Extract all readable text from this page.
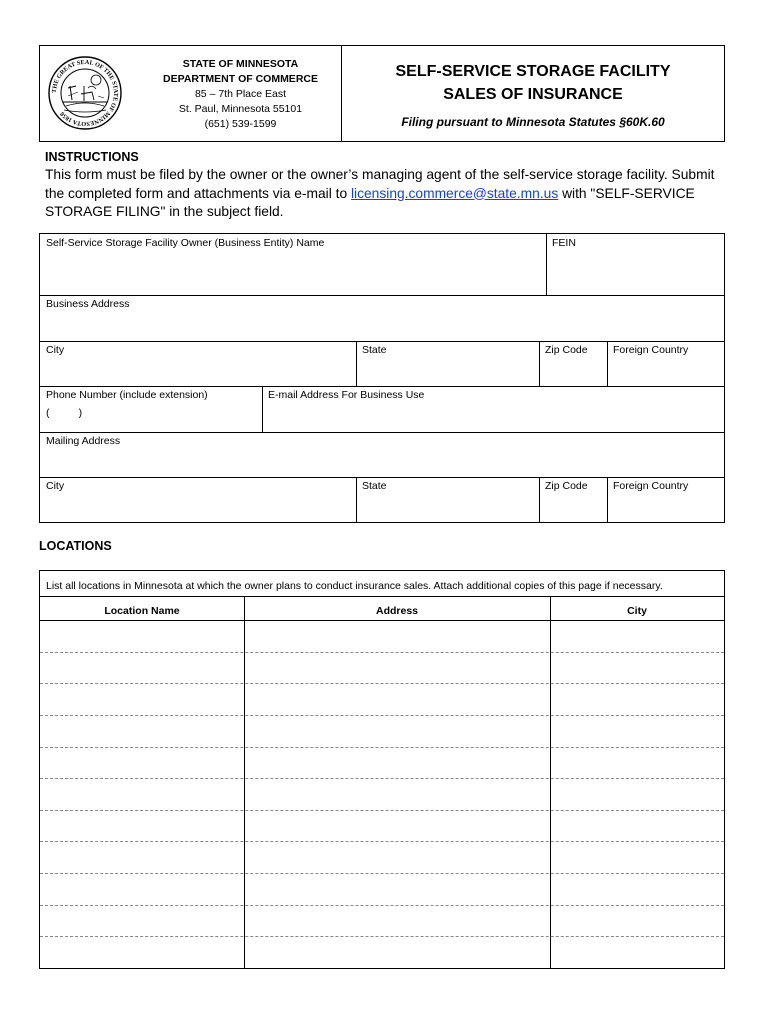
THE GREAT SEAL OF THE STATE OF MINNESOTA 1858
STATE OF MINNESOTA
DEPARTMENT OF COMMERCE
85 – 7th Place East
St. Paul, Minnesota 55101
(651) 539-1599
SELF-SERVICE STORAGE FACILITY
SALES OF INSURANCE
Filing pursuant to Minnesota Statutes §60K.60
INSTRUCTIONS
This form must be filed by the owner or the owner’s managing agent of the self-service storage facility. Submit the completed form and attachments via e-mail to licensing.commerce@state.mn.us with "SELF-SERVICE STORAGE FILING" in the subject field.
Self-Service Storage Facility Owner (Business Entity) Name	FEIN
Business Address
City	State	Zip Code	Foreign Country
Phone Number (include extension)
(          )
E-mail Address For Business Use
Mailing Address
City	State	Zip Code	Foreign Country
LOCATIONS
List all locations in Minnesota at which the owner plans to conduct insurance sales. Attach additional copies of this page if necessary.
Location Name	Address	City
